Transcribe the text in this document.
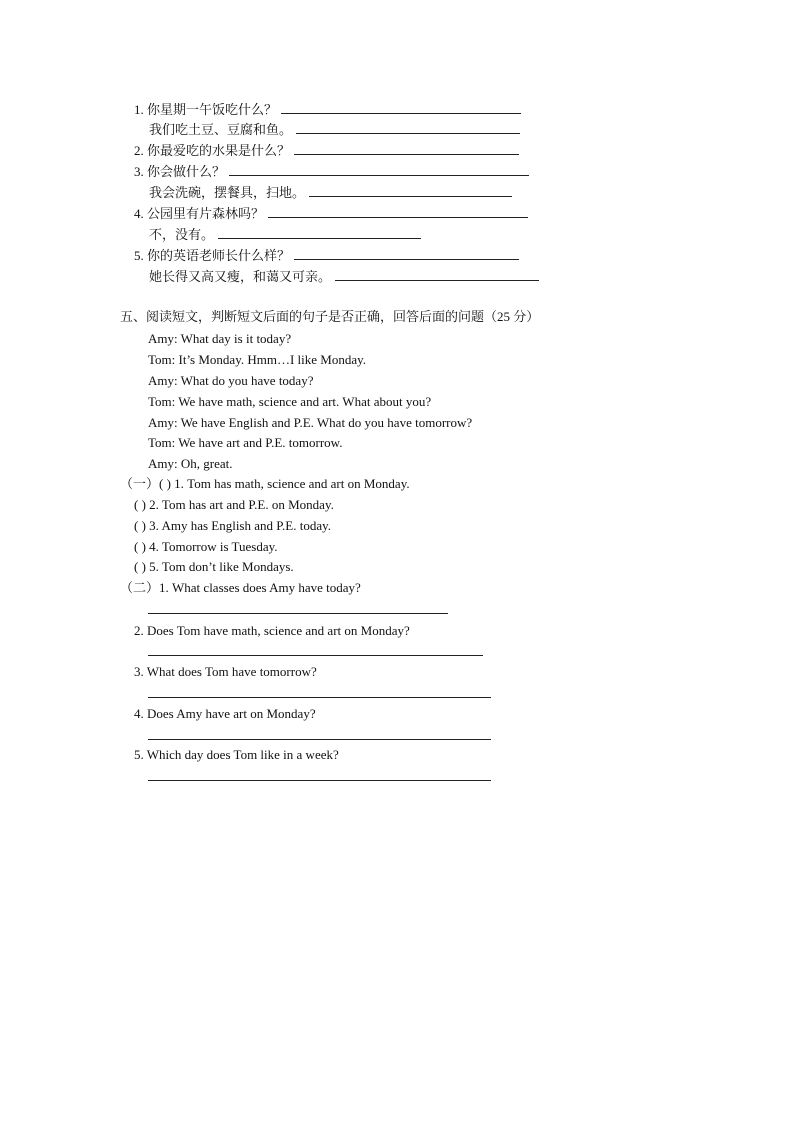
1. 你星期一午饭吃什么？
我们吃土豆、豆腐和鱼。
2. 你最爱吃的水果是什么？
3. 你会做什么？
我会洗碗，摆餐具，扫地。
4. 公园里有片森林吗？
不，没有。
5. 你的英语老师长什么样？
她长得又高又瘦，和蔼又可亲。
五、阅读短文，判断短文后面的句子是否正确，回答后面的问题（25 分）
Amy: What day is it today?
Tom: It’s Monday. Hmm…I like Monday.
Amy: What do you have today?
Tom: We have math, science and art. What about you?
Amy: We have English and P.E. What do you have tomorrow?
Tom: We have art and P.E. tomorrow.
Amy: Oh, great.
（一）( ) 1. Tom has math, science and art on Monday.
( ) 2. Tom has art and P.E. on Monday.
( ) 3. Amy has English and P.E. today.
( ) 4. Tomorrow is Tuesday.
( ) 5. Tom don’t like Mondays.
（二）1. What classes does Amy have today?
2. Does Tom have math, science and art on Monday?
3. What does Tom have tomorrow?
4. Does Amy have art on Monday?
5. Which day does Tom like in a week?
